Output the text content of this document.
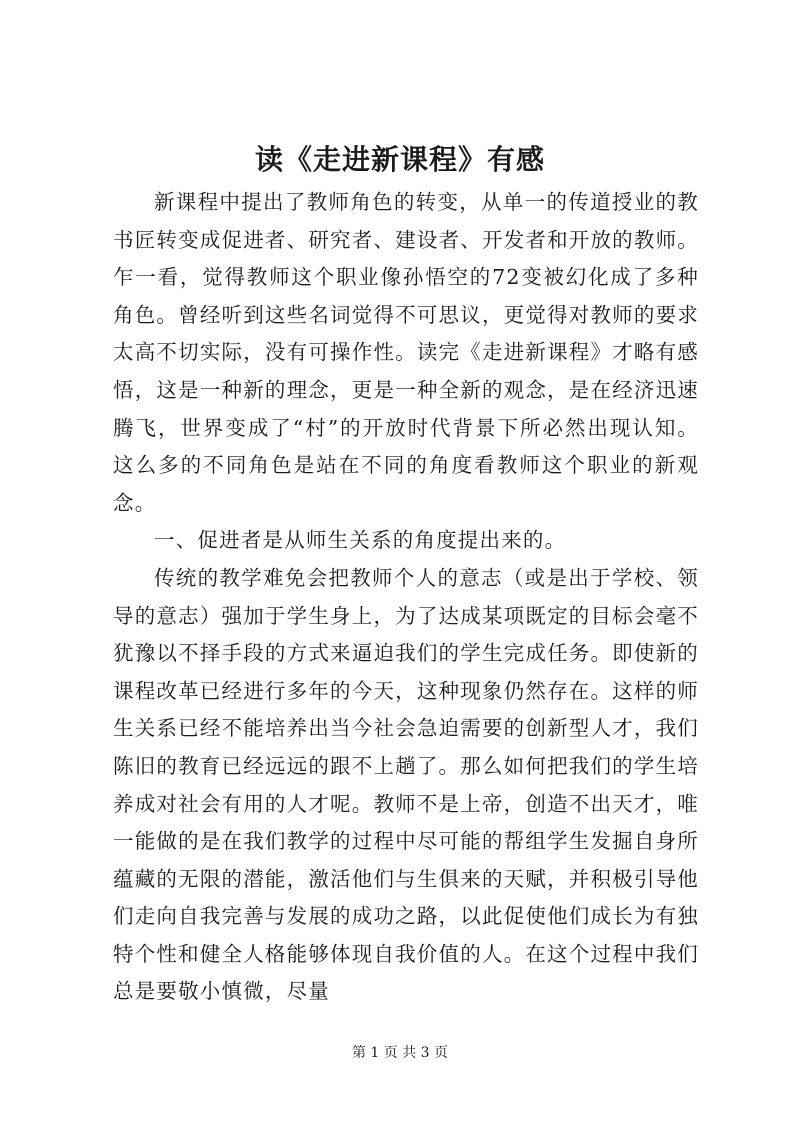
读《走进新课程》有感

新课程中提出了教师角色的转变，从单一的传道授业的教书匠转变成促进者、研究者、建设者、开发者和开放的教师。乍一看，觉得教师这个职业像孙悟空的72变被幻化成了多种角色。曾经听到这些名词觉得不可思议，更觉得对教师的要求太高不切实际，没有可操作性。读完《走进新课程》才略有感悟，这是一种新的理念，更是一种全新的观念，是在经济迅速腾飞，世界变成了“村”的开放时代背景下所必然出现认知。这么多的不同角色是站在不同的角度看教师这个职业的新观念。

一、促进者是从师生关系的角度提出来的。

传统的教学难免会把教师个人的意志（或是出于学校、领导的意志）强加于学生身上，为了达成某项既定的目标会毫不犹豫以不择手段的方式来逼迫我们的学生完成任务。即使新的课程改革已经进行多年的今天，这种现象仍然存在。这样的师生关系已经不能培养出当今社会急迫需要的创新型人才，我们陈旧的教育已经远远的跟不上趟了。那么如何把我们的学生培养成对社会有用的人才呢。教师不是上帝，创造不出天才，唯一能做的是在我们教学的过程中尽可能的帮组学生发掘自身所蕴藏的无限的潜能，激活他们与生俱来的天赋，并积极引导他们走向自我完善与发展的成功之路，以此促使他们成长为有独特个性和健全人格能够体现自我价值的人。在这个过程中我们总是要敬小慎微，尽量

第 1 页 共 3 页
